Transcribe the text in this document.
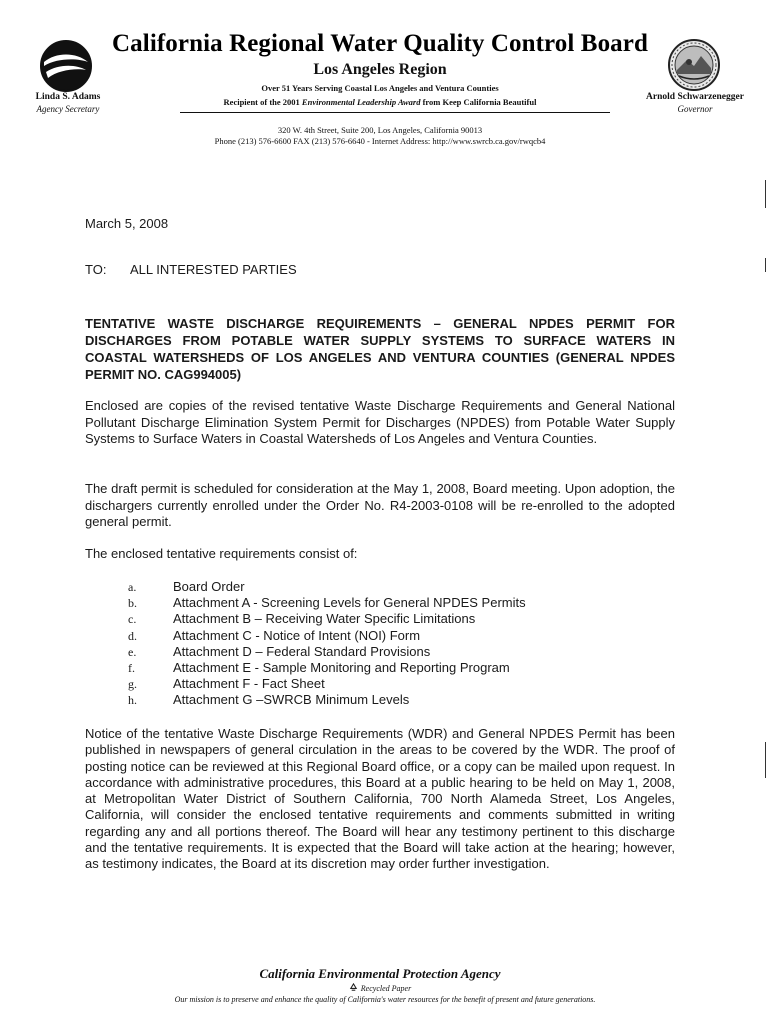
California Regional Water Quality Control Board
Los Angeles Region
Over 51 Years Serving Coastal Los Angeles and Ventura Counties
Recipient of the 2001 Environmental Leadership Award from Keep California Beautiful
Linda S. Adams
Agency Secretary
Arnold Schwarzenegger
Governor
320 W. 4th Street, Suite 200, Los Angeles, California 90013
Phone (213) 576-6600 FAX (213) 576-6640 - Internet Address: http://www.swrcb.ca.gov/rwqcb4
March 5, 2008
TO: ALL INTERESTED PARTIES
TENTATIVE WASTE DISCHARGE REQUIREMENTS – GENERAL NPDES PERMIT FOR DISCHARGES FROM POTABLE WATER SUPPLY SYSTEMS TO SURFACE WATERS IN COASTAL WATERSHEDS OF LOS ANGELES AND VENTURA COUNTIES (GENERAL NPDES PERMIT NO. CAG994005)
Enclosed are copies of the revised tentative Waste Discharge Requirements and General National Pollutant Discharge Elimination System Permit for Discharges (NPDES) from Potable Water Supply Systems to Surface Waters in Coastal Watersheds of Los Angeles and Ventura Counties.
The draft permit is scheduled for consideration at the May 1, 2008, Board meeting. Upon adoption, the dischargers currently enrolled under the Order No. R4-2003-0108 will be re-enrolled to the adopted general permit.
The enclosed tentative requirements consist of:
a.	Board Order
b.	Attachment A - Screening Levels for General NPDES Permits
c.	Attachment B – Receiving Water Specific Limitations
d.	Attachment C - Notice of Intent (NOI) Form
e.	Attachment D – Federal Standard Provisions
f.	Attachment E - Sample Monitoring and Reporting Program
g.	Attachment F - Fact Sheet
h.	Attachment G –SWRCB Minimum Levels
Notice of the tentative Waste Discharge Requirements (WDR) and General NPDES Permit has been published in newspapers of general circulation in the areas to be covered by the WDR. The proof of posting notice can be reviewed at this Regional Board office, or a copy can be mailed upon request. In accordance with administrative procedures, this Board at a public hearing to be held on May 1, 2008, at Metropolitan Water District of Southern California, 700 North Alameda Street, Los Angeles, California, will consider the enclosed tentative requirements and comments submitted in writing regarding any and all portions thereof. The Board will hear any testimony pertinent to this discharge and the tentative requirements. It is expected that the Board will take action at the hearing; however, as testimony indicates, the Board at its discretion may order further investigation.
California Environmental Protection Agency
Recycled Paper
Our mission is to preserve and enhance the quality of California's water resources for the benefit of present and future generations.
